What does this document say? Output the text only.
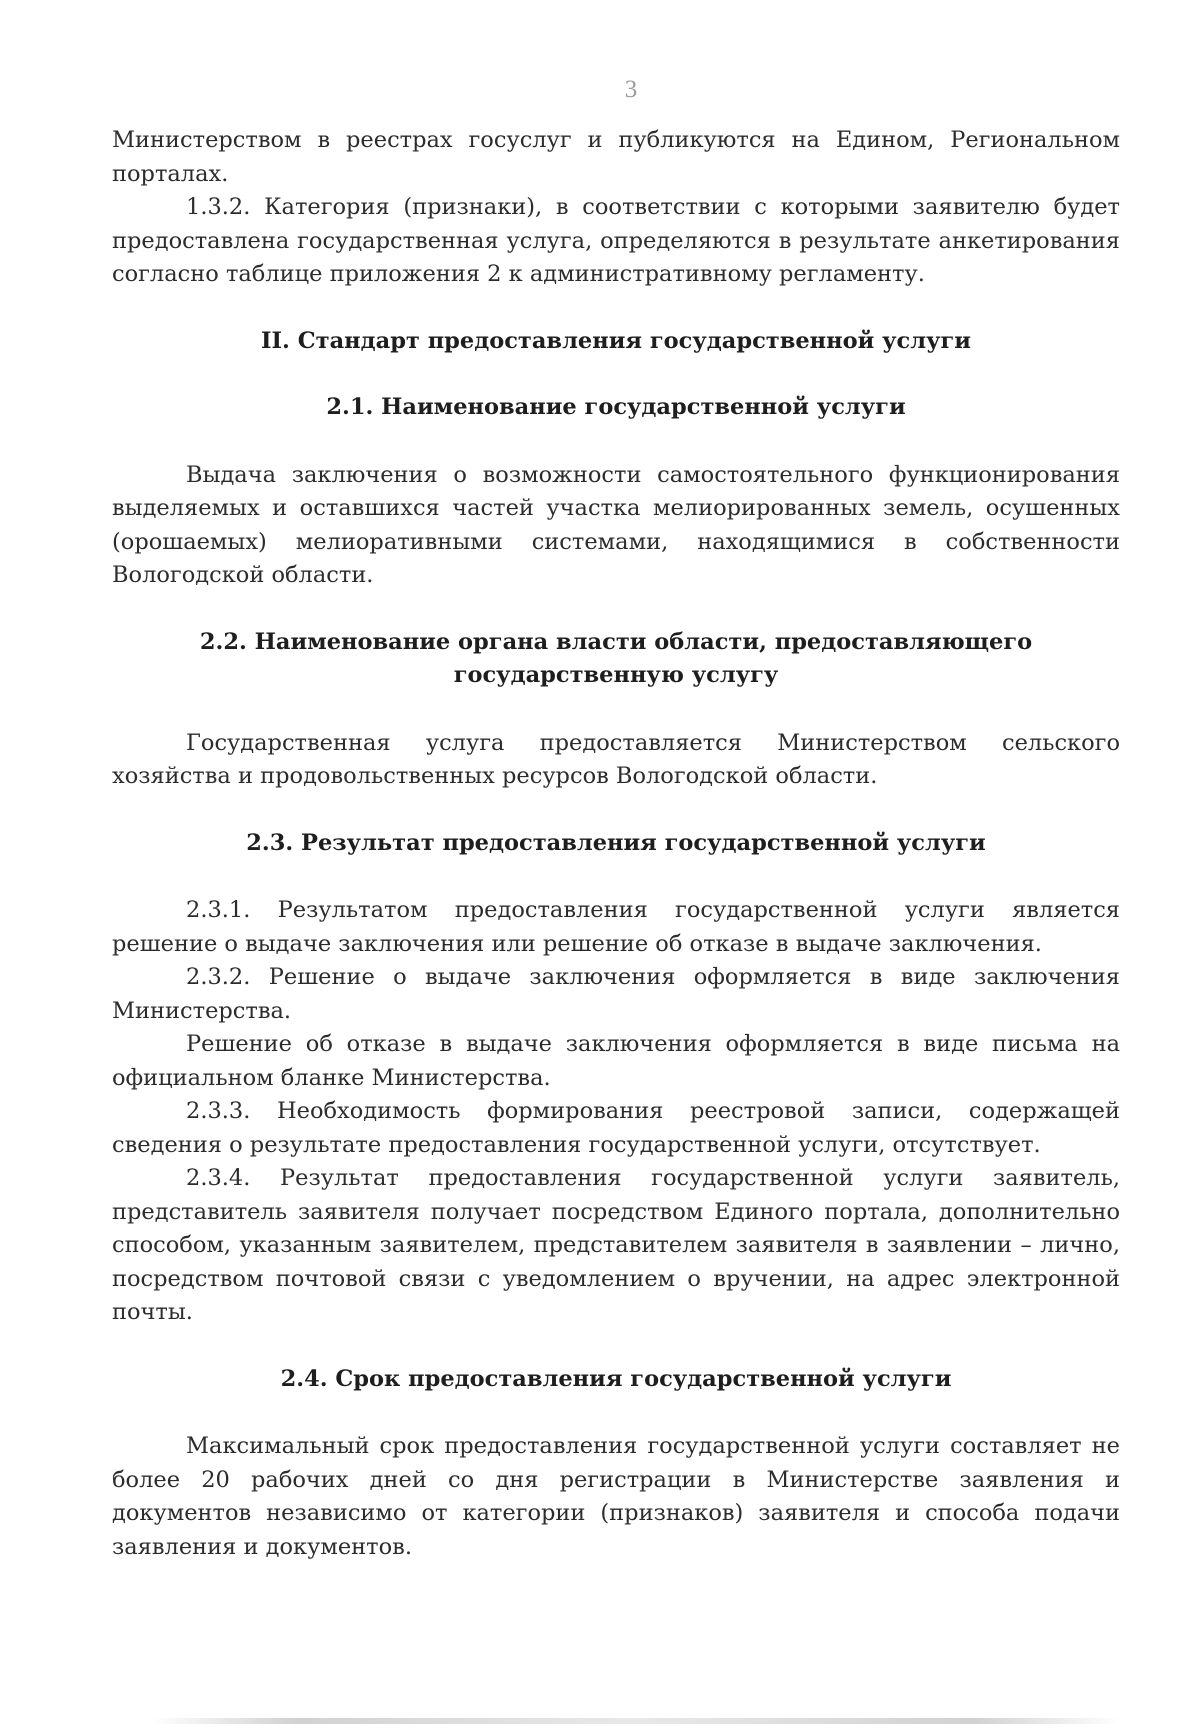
3

Министерством в реестрах госуслуг и публикуются на Едином, Региональном порталах.

1.3.2. Категория (признаки), в соответствии с которыми заявителю будет предоставлена государственная услуга, определяются в результате анкетирования согласно таблице приложения 2 к административному регламенту.

II. Стандарт предоставления государственной услуги

2.1. Наименование государственной услуги

Выдача заключения о возможности самостоятельного функционирования выделяемых и оставшихся частей участка мелиорированных земель, осушенных (орошаемых) мелиоративными системами, находящимися в собственности Вологодской области.

2.2. Наименование органа власти области, предоставляющего

государственную услугу

Государственная услуга предоставляется Министерством сельского хозяйства и продовольственных ресурсов Вологодской области.

2.3. Результат предоставления государственной услуги

2.3.1. Результатом предоставления государственной услуги является решение о выдаче заключения или решение об отказе в выдаче заключения.

2.3.2. Решение о выдаче заключения оформляется в виде заключения Министерства.

Решение об отказе в выдаче заключения оформляется в виде письма на официальном бланке Министерства.

2.3.3. Необходимость формирования реестровой записи, содержащей сведения о результате предоставления государственной услуги, отсутствует.

2.3.4. Результат предоставления государственной услуги заявитель, представитель заявителя получает посредством Единого портала, дополнительно способом, указанным заявителем, представителем заявителя в заявлении – лично, посредством почтовой связи с уведомлением о вручении, на адрес электронной почты.

2.4. Срок предоставления государственной услуги

Максимальный срок предоставления государственной услуги составляет не более 20 рабочих дней со дня регистрации в Министерстве заявления и документов независимо от категории (признаков) заявителя и способа подачи заявления и документов.
